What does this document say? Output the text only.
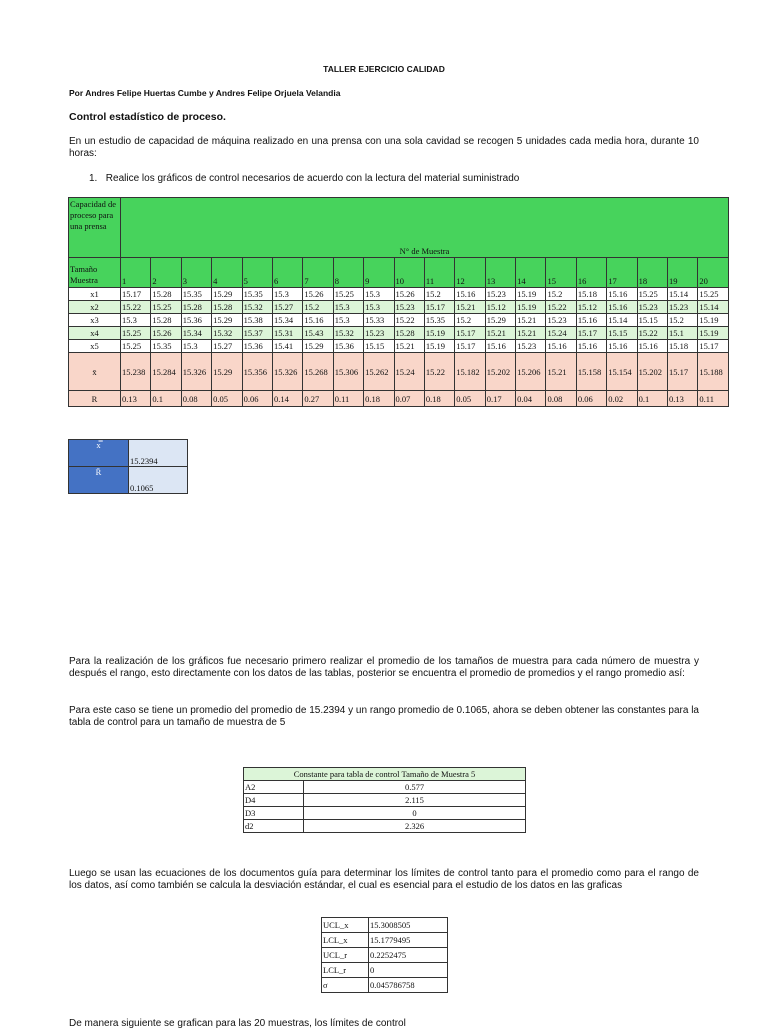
TALLER EJERCICIO CALIDAD
Por Andres Felipe Huertas Cumbe y Andres Felipe Orjuela Velandia
Control estadístico de proceso.
En un estudio de capacidad de máquina realizado en una prensa con una sola cavidad se recogen 5 unidades cada media hora, durante 10 horas:
1. Realice los gráficos de control necesarios de acuerdo con la lectura del material suministrado
Capacidad de proceso para una prensa	N° de Muestra																			
Tamaño Muestra	1	2	3	4	5	6	7	8	9	10	11	12	13	14	15	16	17	18	19	20
x1	15.17	15.28	15.35	15.29	15.35	15.3	15.26	15.25	15.3	15.26	15.2	15.16	15.23	15.19	15.2	15.18	15.16	15.25	15.14	15.25
x2	15.22	15.25	15.28	15.28	15.32	15.27	15.2	15.3	15.3	15.23	15.17	15.21	15.12	15.19	15.22	15.12	15.16	15.23	15.23	15.14
x3	15.3	15.28	15.36	15.29	15.38	15.34	15.16	15.3	15.33	15.22	15.35	15.2	15.29	15.21	15.23	15.16	15.14	15.15	15.2	15.19
x4	15.25	15.26	15.34	15.32	15.37	15.31	15.43	15.32	15.23	15.28	15.19	15.17	15.21	15.21	15.24	15.17	15.15	15.22	15.1	15.19
x5	15.25	15.35	15.3	15.27	15.36	15.41	15.29	15.36	15.15	15.21	15.19	15.17	15.16	15.23	15.16	15.16	15.16	15.16	15.18	15.17
x̄	15.238	15.284	15.326	15.29	15.356	15.326	15.268	15.306	15.262	15.24	15.22	15.182	15.202	15.206	15.21	15.158	15.154	15.202	15.17	15.188
R	0.13	0.1	0.08	0.05	0.06	0.14	0.27	0.11	0.18	0.07	0.18	0.05	0.17	0.04	0.08	0.06	0.02	0.1	0.13	0.11
x̿	15.2394
R̄	0.1065
Para la realización de los gráficos fue necesario primero realizar el promedio de los tamaños de muestra para cada número de muestra y después el rango, esto directamente con los datos de las tablas, posterior se encuentra el promedio de promedios y el rango promedio así:
Para este caso se tiene un promedio del promedio de 15.2394 y un rango promedio de 0.1065, ahora se deben obtener las constantes para la tabla de control para un tamaño de muestra de 5
Constante para tabla de control Tamaño de Muestra 5	
A2	0.577
D4	2.115
D3	0
d2	2.326
Luego se usan las ecuaciones de los documentos guía para determinar los límites de control tanto para el promedio como para el rango de los datos, así como también se calcula la desviación estándar, el cual es esencial para el estudio de los datos en las graficas
UCL_x	15.3008505
LCL_x	15.1779495
UCL_r	0.2252475
LCL_r	0
σ	0.045786758
De manera siguiente se grafican para las 20 muestras, los límites de control
